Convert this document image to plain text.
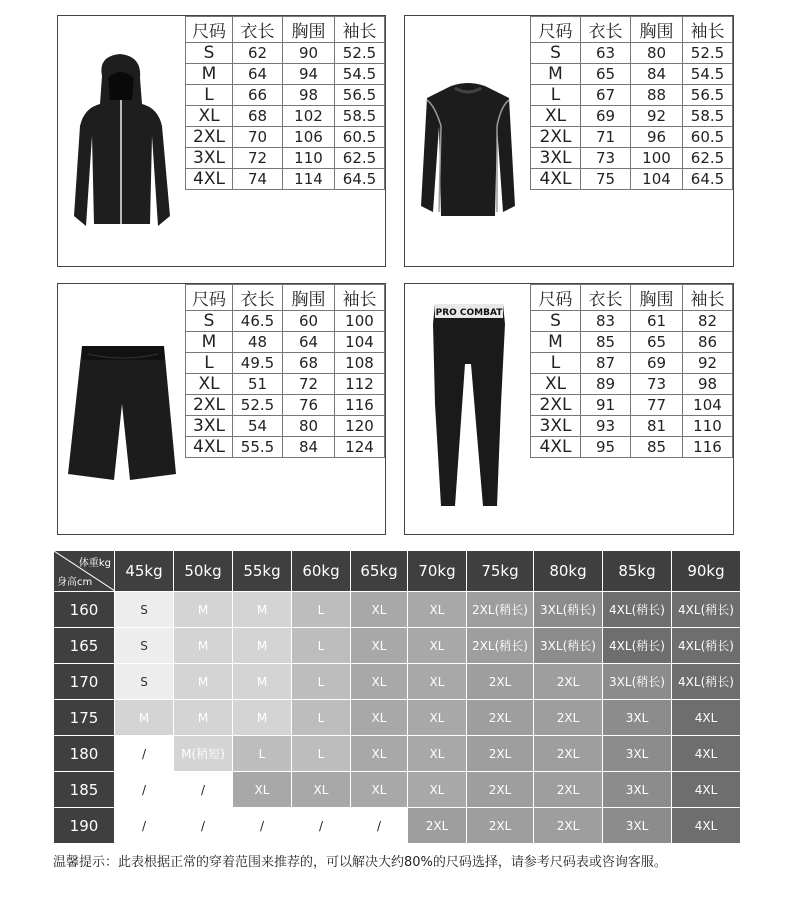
尺码	衣长	胸围	袖长
S	62	90	52.5
M	64	94	54.5
L	66	98	56.5
XL	68	102	58.5
2XL	70	106	60.5
3XL	72	110	62.5
4XL	74	114	64.5
尺码	衣长	胸围	袖长
S	63	80	52.5
M	65	84	54.5
L	67	88	56.5
XL	69	92	58.5
2XL	71	96	60.5
3XL	73	100	62.5
4XL	75	104	64.5
尺码	衣长	胸围	袖长
S	46.5	60	100
M	48	64	104
L	49.5	68	108
XL	51	72	112
2XL	52.5	76	116
3XL	54	80	120
4XL	55.5	84	124
PRO COMBAT
尺码	衣长	胸围	袖长
S	83	61	82
M	85	65	86
L	87	69	92
XL	89	73	98
2XL	91	77	104
3XL	93	81	110
4XL	95	85	116
体重kg
身高cm	45kg	50kg	55kg	60kg	65kg	70kg	75kg	80kg	85kg	90kg
160	S	M	M	L	XL	XL	2XL(稍长)	3XL(稍长)	4XL(稍长)	4XL(稍长)
165	S	M	M	L	XL	XL	2XL(稍长)	3XL(稍长)	4XL(稍长)	4XL(稍长)
170	S	M	M	L	XL	XL	2XL	2XL	3XL(稍长)	4XL(稍长)
175	M	M	M	L	XL	XL	2XL	2XL	3XL	4XL
180	/	M(稍短)	L	L	XL	XL	2XL	2XL	3XL	4XL
185	/	/	XL	XL	XL	XL	2XL	2XL	3XL	4XL
190	/	/	/	/	/	2XL	2XL	2XL	3XL	4XL
温馨提示：此表根据正常的穿着范围来推荐的，可以解决大约80%的尺码选择，请参考尺码表或咨询客服。
